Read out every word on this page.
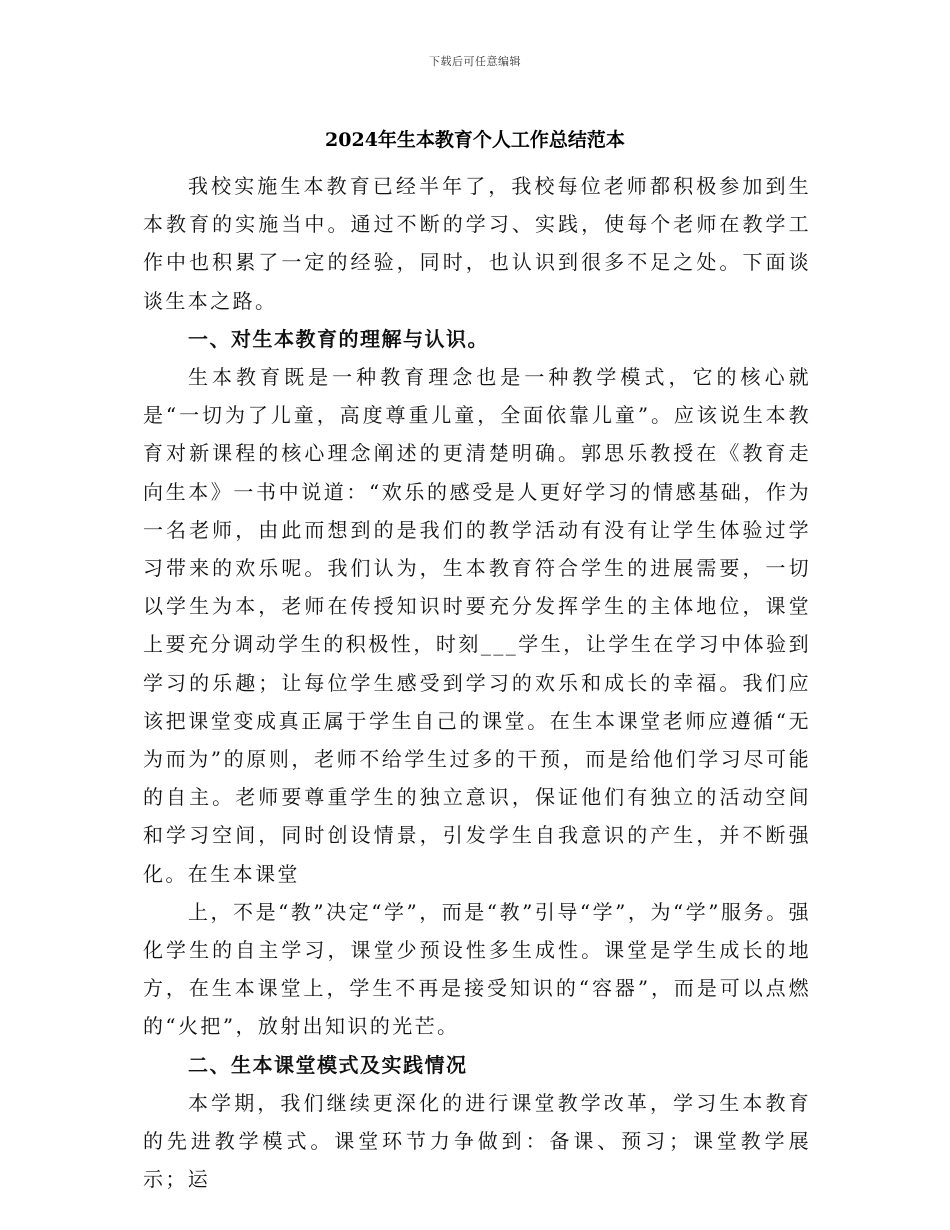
下载后可任意编辑
2024年生本教育个人工作总结范本

我校实施生本教育已经半年了，我校每位老师都积极参加到生本教育的实施当中。通过不断的学习、实践，使每个老师在教学工作中也积累了一定的经验，同时，也认识到很多不足之处。下面谈谈生本之路。

一、对生本教育的理解与认识。

生本教育既是一种教育理念也是一种教学模式，它的核心就是“一切为了儿童，高度尊重儿童，全面依靠儿童”。应该说生本教育对新课程的核心理念阐述的更清楚明确。郭思乐教授在《教育走向生本》一书中说道：“欢乐的感受是人更好学习的情感基础，作为一名老师，由此而想到的是我们的教学活动有没有让学生体验过学习带来的欢乐呢。我们认为，生本教育符合学生的进展需要，一切以学生为本，老师在传授知识时要充分发挥学生的主体地位，课堂上要充分调动学生的积极性，时刻___学生，让学生在学习中体验到学习的乐趣；让每位学生感受到学习的欢乐和成长的幸福。我们应该把课堂变成真正属于学生自己的课堂。在生本课堂老师应遵循“无为而为”的原则，老师不给学生过多的干预，而是给他们学习尽可能的自主。老师要尊重学生的独立意识，保证他们有独立的活动空间和学习空间，同时创设情景，引发学生自我意识的产生，并不断强化。在生本课堂

上，不是“教”决定“学”，而是“教”引导“学”，为“学”服务。强化学生的自主学习，课堂少预设性多生成性。课堂是学生成长的地方，在生本课堂上，学生不再是接受知识的“容器”，而是可以点燃的“火把”，放射出知识的光芒。

二、生本课堂模式及实践情况

本学期，我们继续更深化的进行课堂教学改革，学习生本教育的先进教学模式。课堂环节力争做到：备课、预习；课堂教学展示；运
